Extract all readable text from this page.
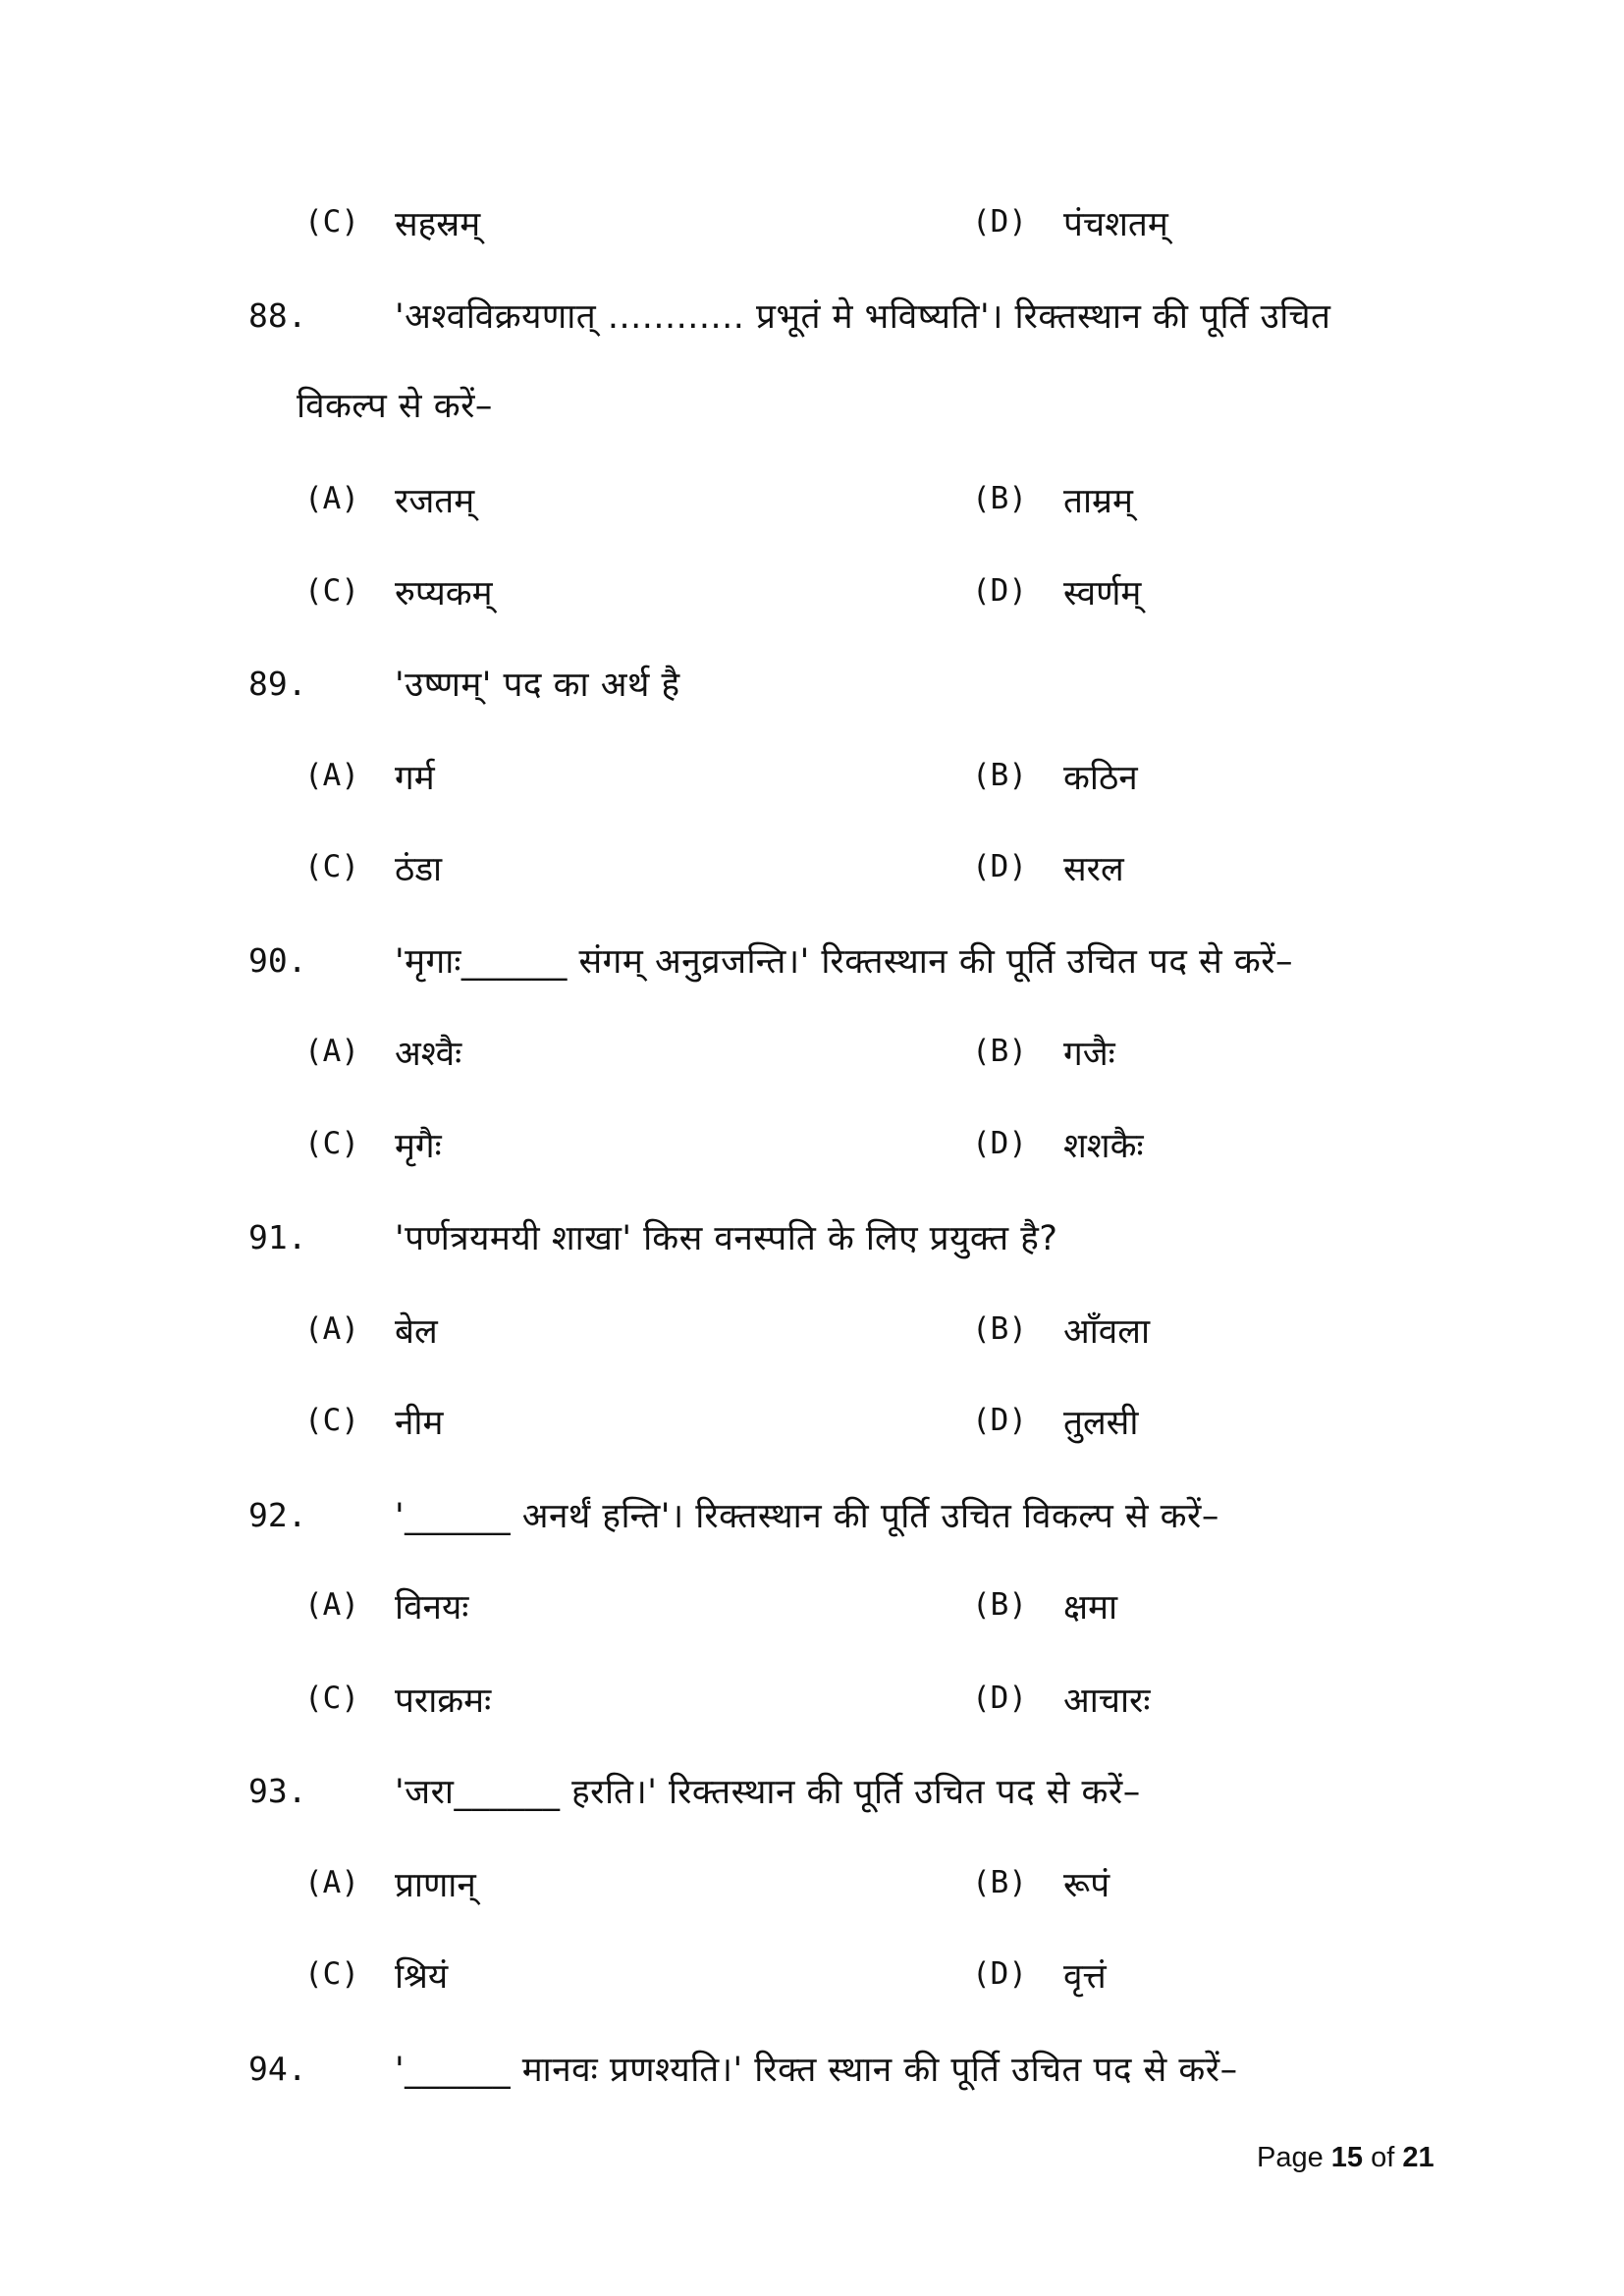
(C) सहस्रम्	(D) पंचशतम्
88.	'अश्वविक्रयणात् ............ प्रभूतं मे भविष्यति'। रिक्तस्थान की पूर्ति उचित
विकल्प से करें–
(A) रजतम्	(B) ताम्रम्
(C) रुप्यकम्	(D) स्वर्णम्
89.	'उष्णम्' पद का अर्थ है
(A) गर्म	(B) कठिन
(C) ठंडा	(D) सरल
90.	'मृगाः______ संगम् अनुव्रजन्ति।' रिक्तस्थान की पूर्ति उचित पद से करें–
(A) अश्वैः	(B) गजैः
(C) मृगैः	(D) शशकैः
91.	'पर्णत्रयमयी शाखा' किस वनस्पति के लिए प्रयुक्त है?
(A) बेल	(B) आँवला
(C) नीम	(D) तुलसी
92.	'______ अनर्थं हन्ति'। रिक्तस्थान की पूर्ति उचित विकल्प से करें–
(A) विनयः	(B) क्षमा
(C) पराक्रमः	(D) आचारः
93.	'जरा______ हरति।' रिक्तस्थान की पूर्ति उचित पद से करें–
(A) प्राणान्	(B) रूपं
(C) श्रियं	(D) वृत्तं
94.	'______ मानवः प्रणश्यति।' रिक्त स्थान की पूर्ति उचित पद से करें–
Page 15 of 21
